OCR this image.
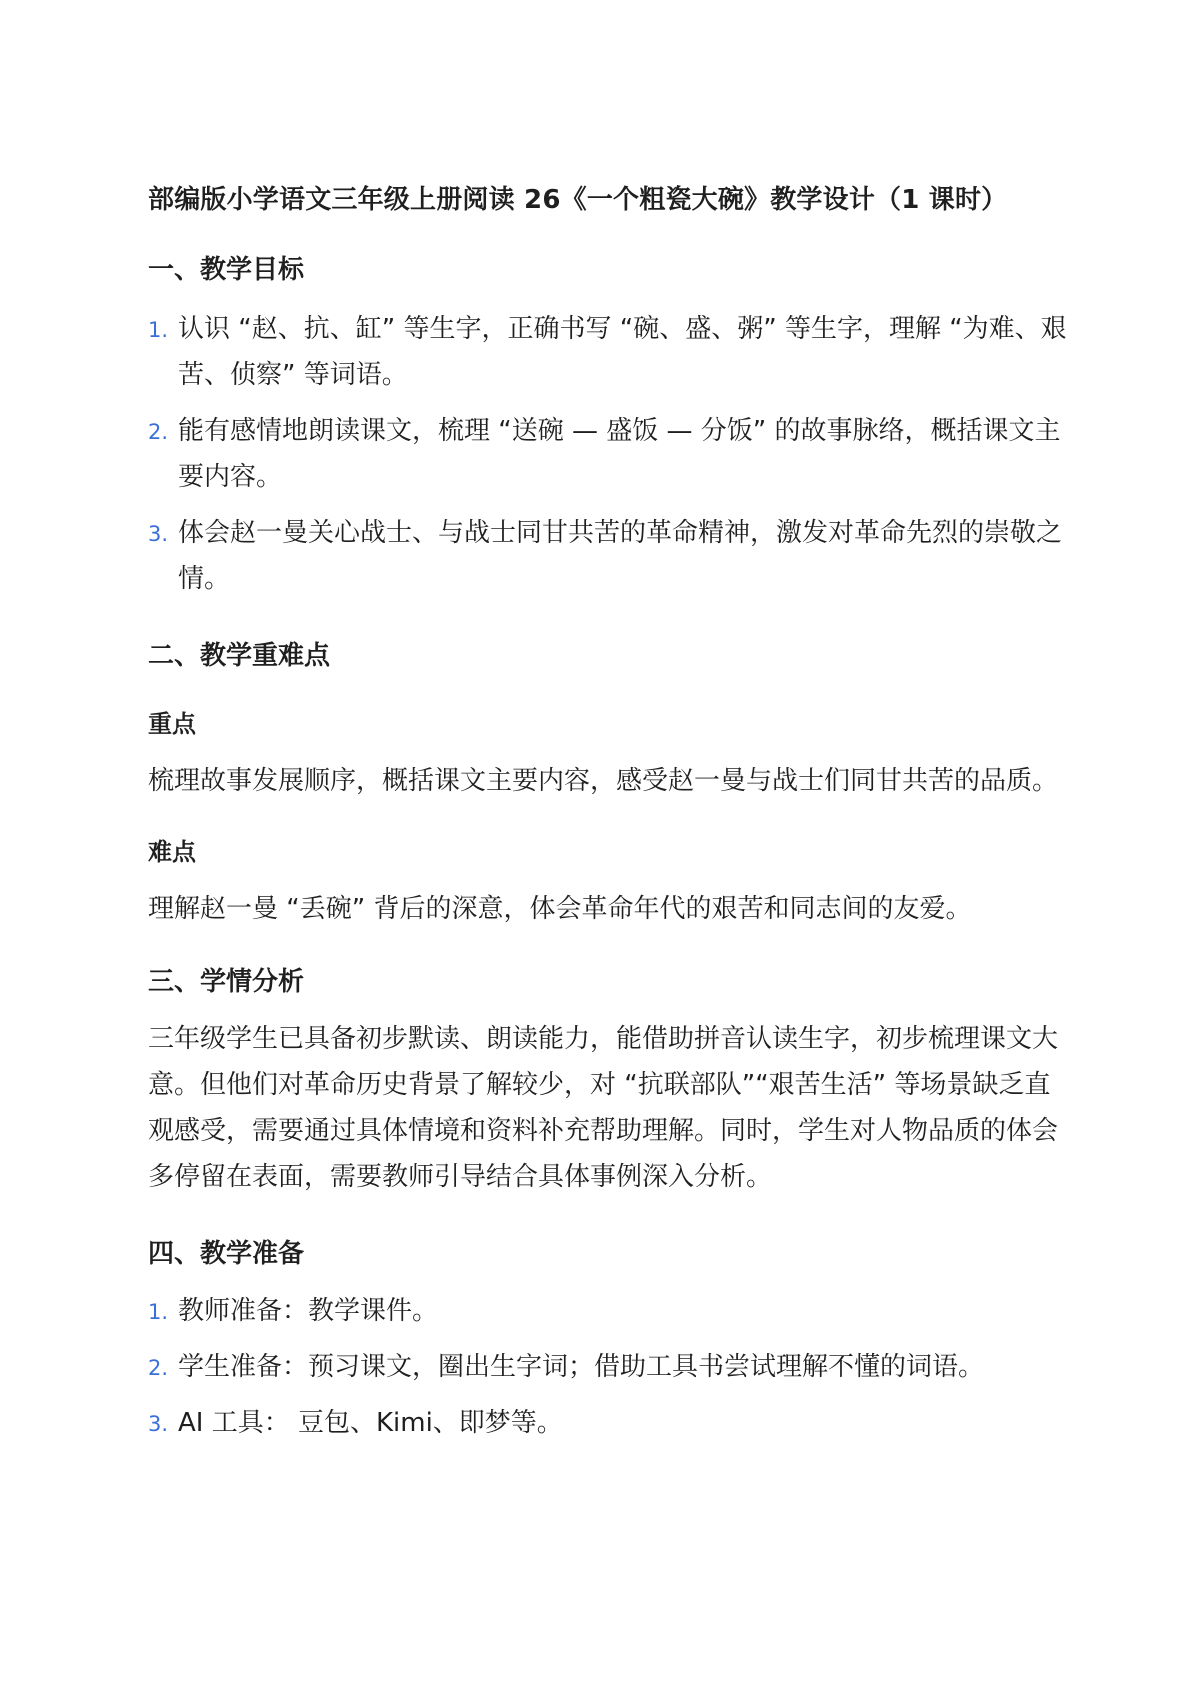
部编版小学语文三年级上册阅读 26《一个粗瓷大碗》教学设计（1 课时）
一、教学目标
1. 认识 “赵、抗、缸” 等生字，正确书写 “碗、盛、粥” 等生字，理解 “为难、艰苦、侦察” 等词语。
2. 能有感情地朗读课文，梳理 “送碗 — 盛饭 — 分饭” 的故事脉络，概括课文主要内容。
3. 体会赵一曼关心战士、与战士同甘共苦的革命精神，激发对革命先烈的崇敬之情。
二、教学重难点
重点

梳理故事发展顺序，概括课文主要内容，感受赵一曼与战士们同甘共苦的品质。

难点

理解赵一曼 “丢碗” 背后的深意，体会革命年代的艰苦和同志间的友爱。

三、学情分析

三年级学生已具备初步默读、朗读能力，能借助拼音认读生字，初步梳理课文大意。但他们对革命历史背景了解较少，对 “抗联部队”“艰苦生活” 等场景缺乏直观感受，需要通过具体情境和资料补充帮助理解。同时，学生对人物品质的体会多停留在表面，需要教师引导结合具体事例深入分析。

四、教学准备
1. 教师准备：教学课件。
2. 学生准备：预习课文，圈出生字词；借助工具书尝试理解不懂的词语。
3. AI 工具： 豆包、Kimi、即梦等。
